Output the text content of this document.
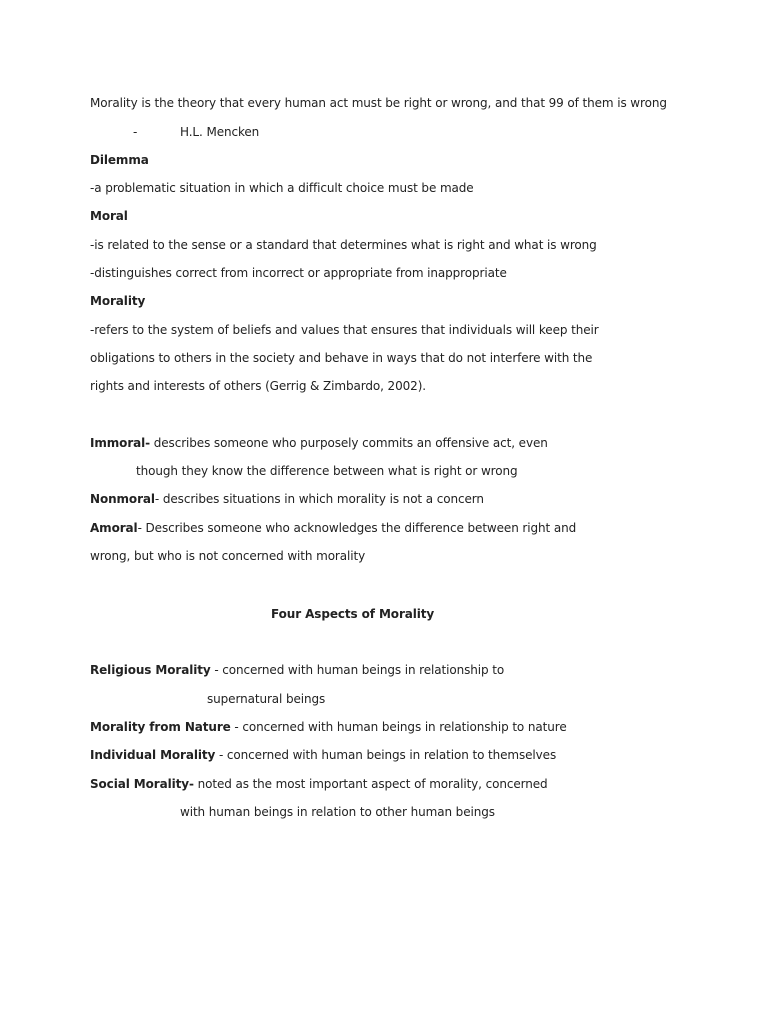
Morality is the theory that every human act must be right or wrong, and that 99 of them is wrong
-	H.L. Mencken
Dilemma
-a problematic situation in which a difficult choice must be made
Moral
-is related to the sense or a standard that determines what is right and what is wrong
-distinguishes correct from incorrect or appropriate from inappropriate
Morality
-refers to the system of beliefs and values that ensures that individuals will keep their
obligations to others in the society and behave in ways that do not interfere with the
rights and interests of others (Gerrig & Zimbardo, 2002).
Immoral- describes someone who purposely commits an offensive act, even
though they know the difference between what is right or wrong
Nonmoral- describes situations in which morality is not a concern
Amoral- Describes someone who acknowledges the difference between right and
wrong, but who is not concerned with morality
Four Aspects of Morality
Religious Morality - concerned with human beings in relationship to
supernatural beings
Morality from Nature - concerned with human beings in relationship to nature
Individual Morality - concerned with human beings in relation to themselves
Social Morality- noted as the most important aspect of morality, concerned
with human beings in relation to other human beings
